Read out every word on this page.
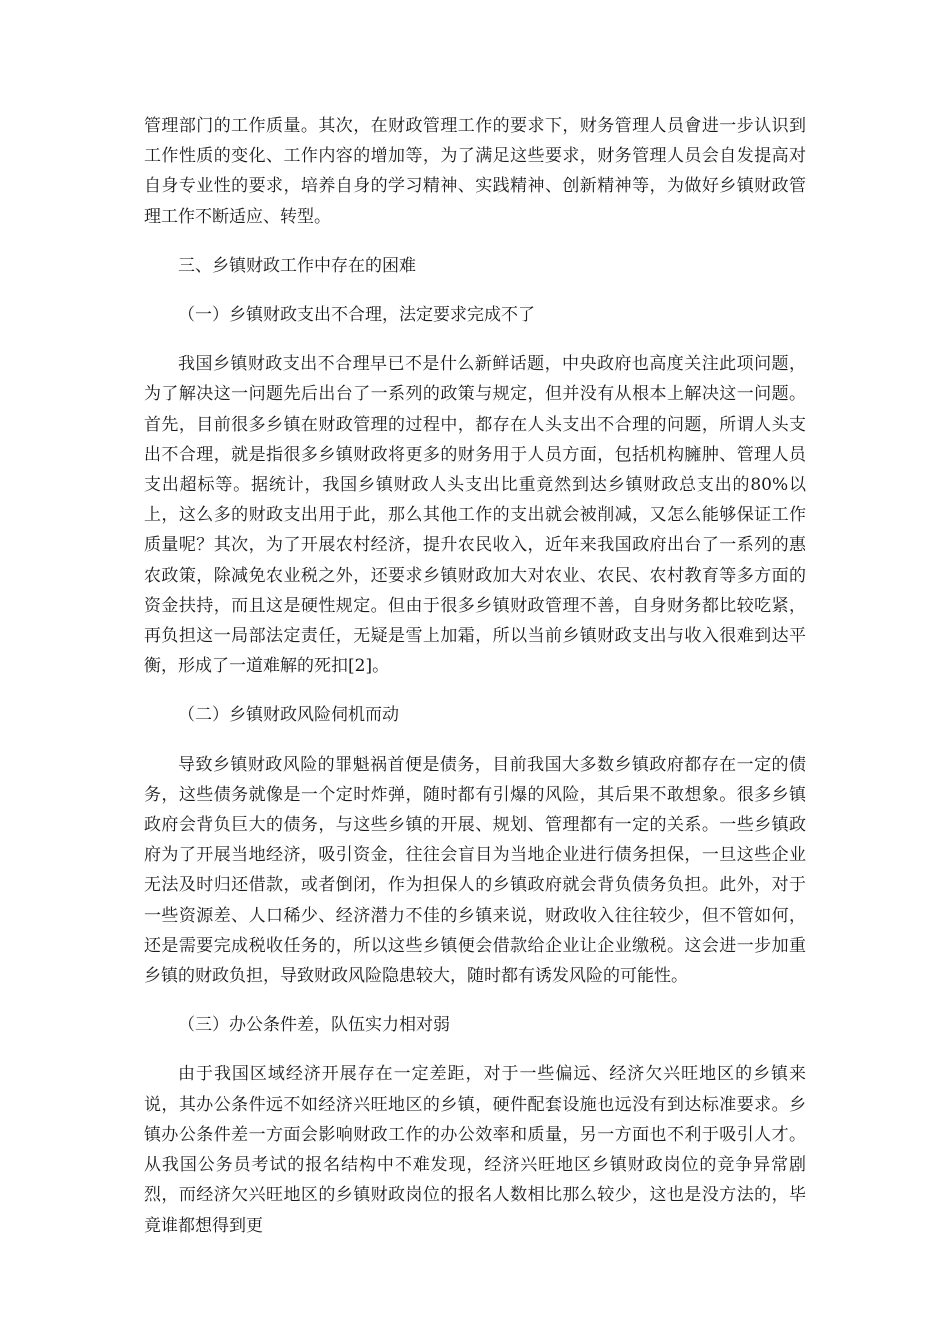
管理部门的工作质量。其次，在财政管理工作的要求下，财务管理人员會进一步认识到工作性质的变化、工作内容的增加等，为了满足这些要求，财务管理人员会自发提高对自身专业性的要求，培养自身的学习精神、实践精神、创新精神等，为做好乡镇财政管理工作不断适应、转型。

三、乡镇财政工作中存在的困难

（一）乡镇财政支出不合理，法定要求完成不了

我国乡镇财政支出不合理早已不是什么新鲜话题，中央政府也高度关注此项问题，为了解决这一问题先后出台了一系列的政策与规定，但并没有从根本上解决这一问题。首先，目前很多乡镇在财政管理的过程中，都存在人头支出不合理的问题，所谓人头支出不合理，就是指很多乡镇财政将更多的财务用于人员方面，包括机构臃肿、管理人员支出超标等。据统计，我国乡镇财政人头支出比重竟然到达乡镇财政总支出的80%以上，这么多的财政支出用于此，那么其他工作的支出就会被削减，又怎么能够保证工作质量呢？其次，为了开展农村经济，提升农民收入，近年来我国政府出台了一系列的惠农政策，除减免农业税之外，还要求乡镇财政加大对农业、农民、农村教育等多方面的资金扶持，而且这是硬性规定。但由于很多乡镇财政管理不善，自身财务都比较吃紧，再负担这一局部法定责任，无疑是雪上加霜，所以当前乡镇财政支出与收入很难到达平衡，形成了一道难解的死扣[2]。

（二）乡镇财政风险伺机而动

导致乡镇财政风险的罪魁祸首便是债务，目前我国大多数乡镇政府都存在一定的债务，这些债务就像是一个定时炸弹，随时都有引爆的风险，其后果不敢想象。很多乡镇政府会背负巨大的债务，与这些乡镇的开展、规划、管理都有一定的关系。一些乡镇政府为了开展当地经济，吸引资金，往往会盲目为当地企业进行债务担保，一旦这些企业无法及时归还借款，或者倒闭，作为担保人的乡镇政府就会背负债务负担。此外，对于一些资源差、人口稀少、经济潜力不佳的乡镇来说，财政收入往往较少，但不管如何，还是需要完成税收任务的，所以这些乡镇便会借款给企业让企业缴税。这会进一步加重乡镇的财政负担，导致财政风险隐患较大，随时都有诱发风险的可能性。

（三）办公条件差，队伍实力相对弱

由于我国区域经济开展存在一定差距，对于一些偏远、经济欠兴旺地区的乡镇来说，其办公条件远不如经济兴旺地区的乡镇，硬件配套设施也远没有到达标准要求。乡镇办公条件差一方面会影响财政工作的办公效率和质量，另一方面也不利于吸引人才。从我国公务员考试的报名结构中不难发现，经济兴旺地区乡镇财政岗位的竞争异常剧烈，而经济欠兴旺地区的乡镇财政岗位的报名人数相比那么较少，这也是没方法的，毕竟谁都想得到更
